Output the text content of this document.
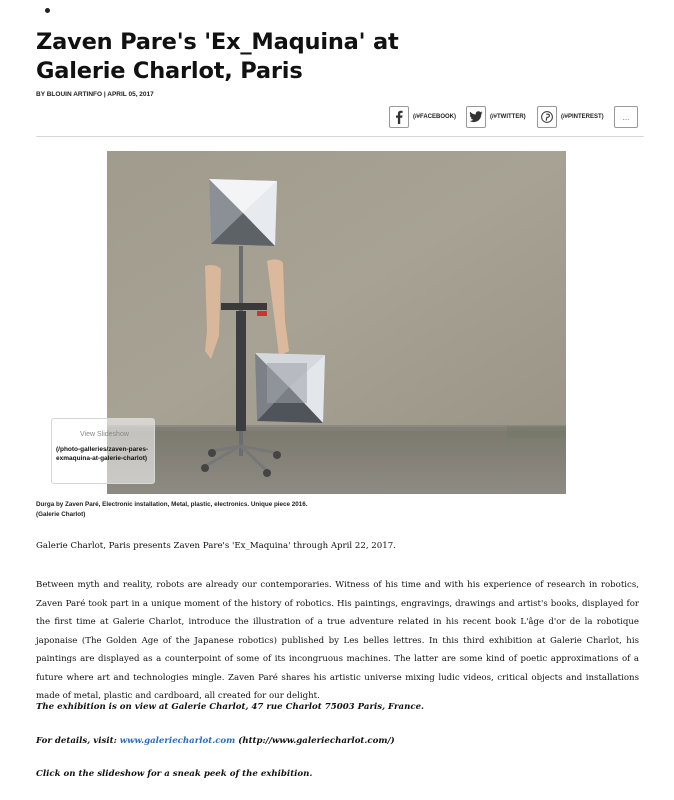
Zaven Pare's 'Ex_Maquina' at Galerie Charlot, Paris
BY BLOUIN ARTINFO | APRIL 05, 2017
(/#FACEBOOK)	(/#TWITTER)	(/#PINTEREST) ...
View Slideshow
(/photo-galleries/zaven-pares-exmaquina-at-galerie-charlot)
Durga by Zaven Paré, Electronic installation, Metal, plastic, electronics. Unique piece 2016.
(Galerie Charlot)
Galerie Charlot, Paris presents Zaven Pare's 'Ex_Maquina' through April 22, 2017.

Between myth and reality, robots are already our contemporaries. Witness of his time and with his experience of research in robotics, Zaven Paré took part in a unique moment of the history of robotics. His paintings, engravings, drawings and artist's books, displayed for the first time at Galerie Charlot, introduce the illustration of a true adventure related in his recent book L'âge d'or de la robotique japonaise (The Golden Age of the Japanese robotics) published by Les belles lettres. In this third exhibition at Galerie Charlot, his paintings are displayed as a counterpoint of some of its incongruous machines. The latter are some kind of poetic approximations of a future where art and technologies mingle. Zaven Paré shares his artistic universe mixing ludic videos, critical objects and installations made of metal, plastic and cardboard, all created for our delight.

The exhibition is on view at Galerie Charlot, 47 rue Charlot 75003 Paris, France.
For details, visit: www.galeriecharlot.com (http://www.galeriecharlot.com/)
Click on the slideshow for a sneak peek of the exhibition.
